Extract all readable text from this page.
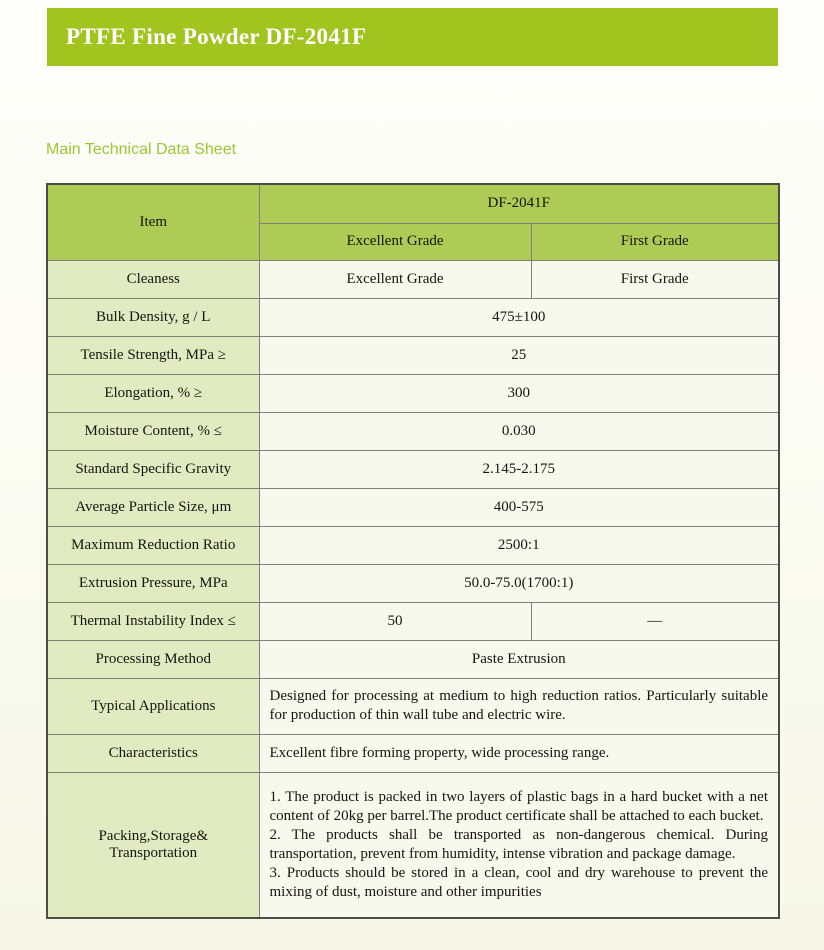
PTFE Fine Powder DF-2041F
Main Technical Data Sheet
Item	DF-2041F	
	Excellent Grade	First Grade
Cleaness	Excellent Grade	First Grade
Bulk Density, g / L	475±100	
Tensile Strength, MPa ≥	25	
Elongation, % ≥	300	
Moisture Content, % ≤	0.030	
Standard Specific Gravity	2.145-2.175	
Average Particle Size, μm	400-575	
Maximum Reduction Ratio	2500:1	
Extrusion Pressure, MPa	50.0-75.0(1700:1)	
Thermal Instability Index ≤	50	—
Processing Method	Paste Extrusion	
Typical Applications	Designed for processing at medium to high reduction ratios. Particularly suitable for production of thin wall tube and electric wire.	
Characteristics	Excellent fibre forming property, wide processing range.	
Packing,Storage& Transportation	1. The product is packed in two layers of plastic bags in a hard bucket with a net content of 20kg per barrel.The product certificate shall be attached to each bucket.
2. The products shall be transported as non-dangerous chemical. During transportation, prevent from humidity, intense vibration and package damage.
3. Products should be stored in a clean, cool and dry warehouse to prevent the mixing of dust, moisture and other impurities	
